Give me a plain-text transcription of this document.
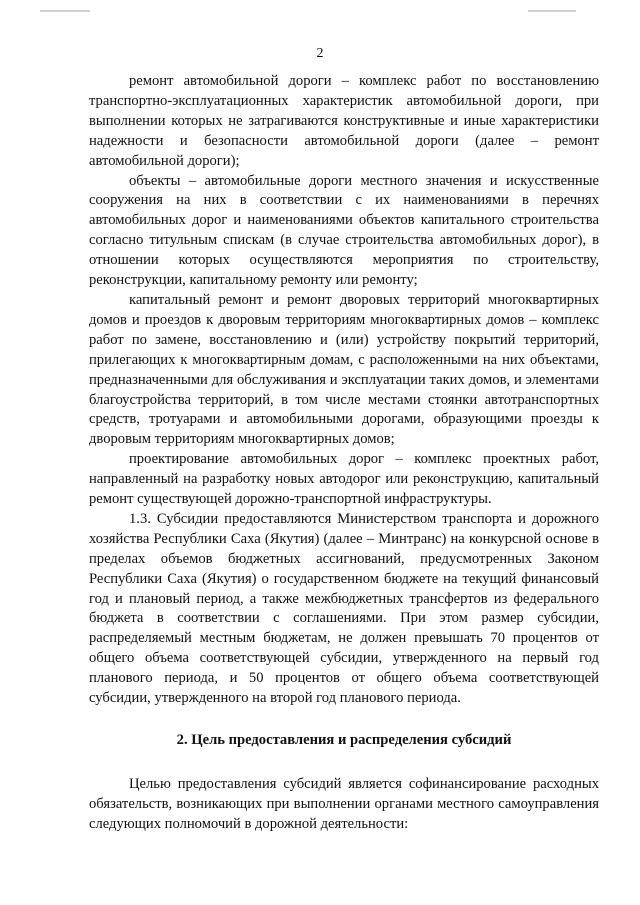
2

ремонт автомобильной дороги – комплекс работ по восстановлению транспортно-эксплуатационных характеристик автомобильной дороги, при выполнении которых не затрагиваются конструктивные и иные характеристики надежности и безопасности автомобильной дороги (далее – ремонт автомобильной дороги);

объекты – автомобильные дороги местного значения и искусственные сооружения на них в соответствии с их наименованиями в перечнях автомобильных дорог и наименованиями объектов капитального строительства согласно титульным спискам (в случае строительства автомобильных дорог), в отношении которых осуществляются мероприятия по строительству, реконструкции, капитальному ремонту или ремонту;

капитальный ремонт и ремонт дворовых территорий многоквартирных домов и проездов к дворовым территориям многоквартирных домов – комплекс работ по замене, восстановлению и (или) устройству покрытий территорий, прилегающих к многоквартирным домам, с расположенными на них объектами, предназначенными для обслуживания и эксплуатации таких домов, и элементами благоустройства территорий, в том числе местами стоянки автотранспортных средств, тротуарами и автомобильными дорогами, образующими проезды к дворовым территориям многоквартирных домов;

проектирование автомобильных дорог – комплекс проектных работ, направленный на разработку новых автодорог или реконструкцию, капитальный ремонт существующей дорожно-транспортной инфраструктуры.

1.3. Субсидии предоставляются Министерством транспорта и дорожного хозяйства Республики Саха (Якутия) (далее – Минтранс) на конкурсной основе в пределах объемов бюджетных ассигнований, предусмотренных Законом Республики Саха (Якутия) о государственном бюджете на текущий финансовый год и плановый период, а также межбюджетных трансфертов из федерального бюджета в соответствии с соглашениями. При этом размер субсидии, распределяемый местным бюджетам, не должен превышать 70 процентов от общего объема соответствующей субсидии, утвержденного на первый год планового периода, и 50 процентов от общего объема соответствующей субсидии, утвержденного на второй год планового периода.

2. Цель предоставления и распределения субсидий

Целью предоставления субсидий является софинансирование расходных обязательств, возникающих при выполнении органами местного самоуправления следующих полномочий в дорожной деятельности:
